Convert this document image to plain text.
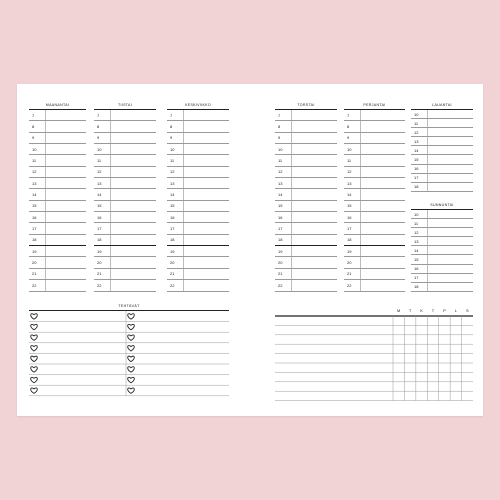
MAANANTAI
7
8
9
10
11
12
13
14
15
16
17
18
19
20
21
22
TIISTAI
7
8
9
10
11
12
13
14
15
16
17
18
19
20
21
22
KESKIVIIKKO
7
8
9
10
11
12
13
14
15
16
17
18
19
20
21
22
TEHTÄVÄT
TORSTAI
7
8
9
10
11
12
13
14
15
16
17
18
19
20
21
22
PERJANTAI
7
8
9
10
11
12
13
14
15
16
17
18
19
20
21
22
LAUANTAI
10
11
12
13
14
15
16
17
18
SUNNUNTAI
10
11
12
13
14
15
16
17
18
M T K T P L S
